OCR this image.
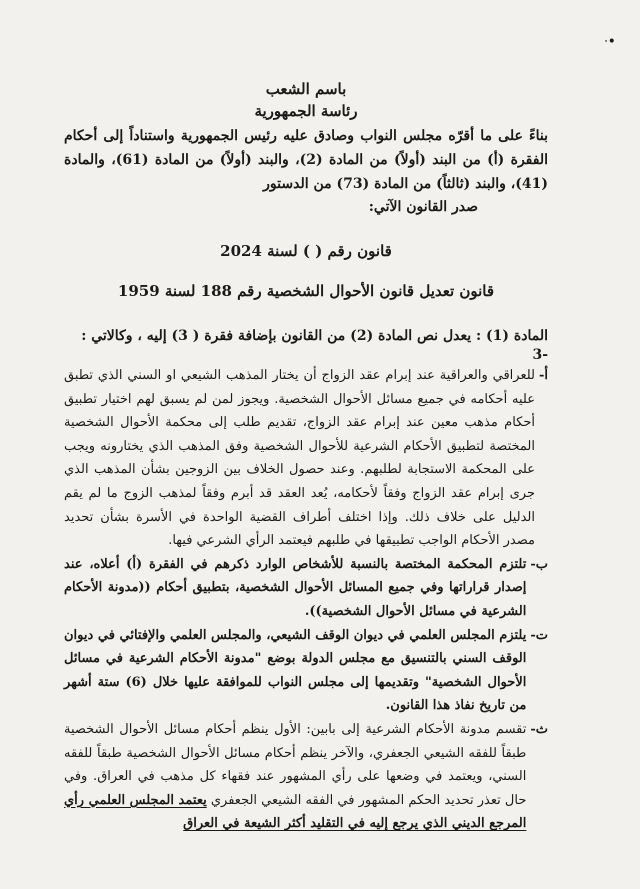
•ᐧ
باسم الشعب
رئاسة الجمهورية

بناءً على ما أقرّه مجلس النواب وصادق عليه رئيس الجمهورية واستناداً إلى أحكام الفقرة (أ) من البند (أولاً) من المادة (2)، والبند (أولاً) من المادة (61)، والمادة (41)، والبند (ثالثاً) من المادة (73) من الدستور

صدر القانون الآتي:
قانون رقم ( ) لسنة 2024
قانون تعديل قانون الأحوال الشخصية رقم 188 لسنة 1959
المادة (1) : يعدل نص المادة (2) من القانون بإضافة فقرة ( 3) إليه ، وكالاتي :
-3
أ-
للعراقي والعراقية عند إبرام عقد الزواج أن يختار المذهب الشيعي او السني الذي تطبق عليه أحكامه في جميع مسائل الأحوال الشخصية. ويجوز لمن لم يسبق لهم اختيار تطبيق أحكام مذهب معين عند إبرام عقد الزواج، تقديم طلب إلى محكمة الأحوال الشخصية المختصة لتطبيق الأحكام الشرعية للأحوال الشخصية وفق المذهب الذي يختارونه ويجب على المحكمة الاستجابة لطلبهم. وعند حصول الخلاف بين الزوجين بشأن المذهب الذي جرى إبرام عقد الزواج وفقاً لأحكامه، يُعد العقد قد أبرم وفقاً لمذهب الزوج ما لم يقم الدليل على خلاف ذلك. وإذا اختلف أطراف القضية الواحدة في الأسرة بشأن تحديد مصدر الأحكام الواجب تطبيقها في طلبهم فيعتمد الرأي الشرعي فيها.
ب-
تلتزم المحكمة المختصة بالنسبة للأشخاص الوارد ذكرهم في الفقرة (أ) أعلاه، عند إصدار قراراتها وفي جميع المسائل الأحوال الشخصية، بتطبيق أحكام ((مدونة الأحكام الشرعية في مسائل الأحوال الشخصية)).
ت-
يلتزم المجلس العلمي في ديوان الوقف الشيعي، والمجلس العلمي والإفتائي في ديوان الوقف السني بالتنسيق مع مجلس الدولة بوضع "مدونة الأحكام الشرعية في مسائل الأحوال الشخصية" وتقديمها إلى مجلس النواب للموافقة عليها خلال (6) ستة أشهر من تاريخ نفاذ هذا القانون.
ث-
تقسم مدونة الأحكام الشرعية إلى بابين: الأول ينظم أحكام مسائل الأحوال الشخصية طبقاً للفقه الشيعي الجعفري، والآخر ينظم أحكام مسائل الأحوال الشخصية طبقاً للفقه السني، ويعتمد في وضعها على رأي المشهور عند فقهاء كل مذهب في العراق. وفي حال تعذر تحديد الحكم المشهور في الفقه الشيعي الجعفري يعتمد المجلس العلمي رأي المرجع الديني الذي يرجع إليه في التقليد أكثر الشيعة في العراق
